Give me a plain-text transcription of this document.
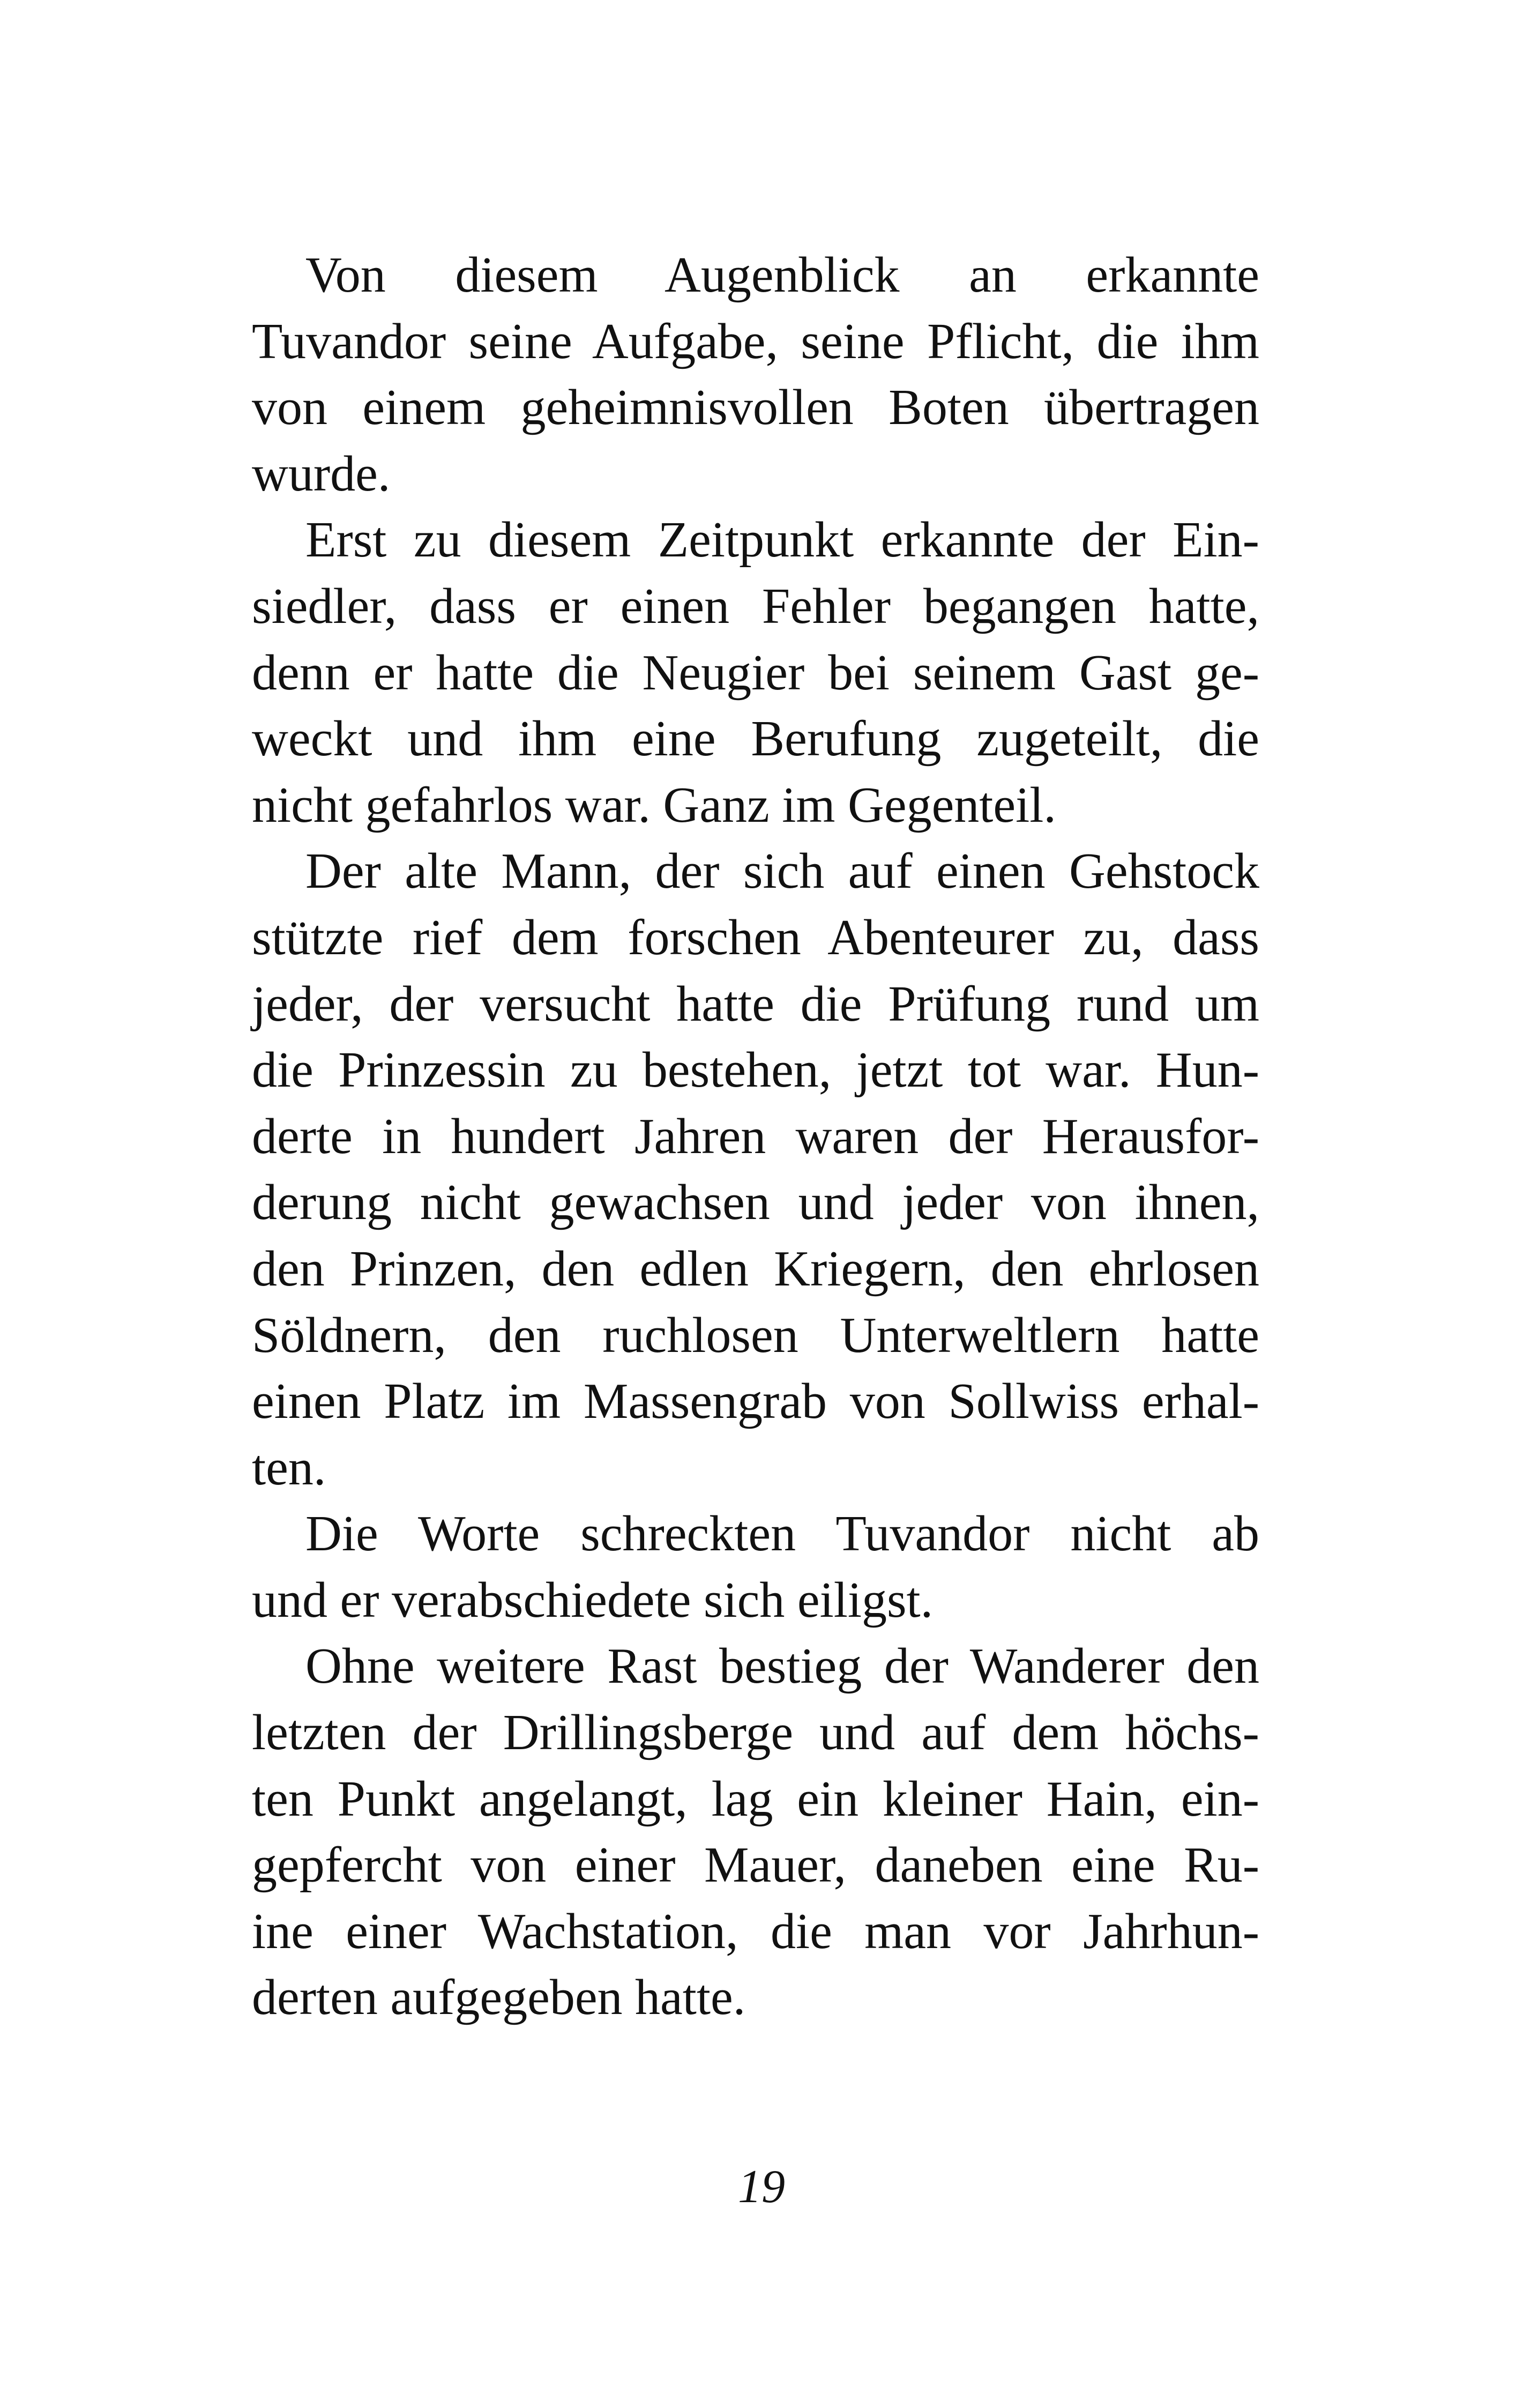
Von diesem Augenblick an erkannte

Tuvandor seine Aufgabe, seine Pflicht, die ihm

von einem geheimnisvollen Boten übertragen

wurde.

Erst zu diesem Zeitpunkt erkannte der Ein-

siedler, dass er einen Fehler begangen hatte,

denn er hatte die Neugier bei seinem Gast ge-

weckt und ihm eine Berufung zugeteilt, die

nicht gefahrlos war. Ganz im Gegenteil.

Der alte Mann, der sich auf einen Gehstock

stützte rief dem forschen Abenteurer zu, dass

jeder, der versucht hatte die Prüfung rund um

die Prinzessin zu bestehen, jetzt tot war. Hun-

derte in hundert Jahren waren der Herausfor-

derung nicht gewachsen und jeder von ihnen,

den Prinzen, den edlen Kriegern, den ehrlosen

Söldnern, den ruchlosen Unterweltlern hatte

einen Platz im Massengrab von Sollwiss erhal-

ten.

Die Worte schreckten Tuvandor nicht ab

und er verabschiedete sich eiligst.

Ohne weitere Rast bestieg der Wanderer den

letzten der Drillingsberge und auf dem höchs-

ten Punkt angelangt, lag ein kleiner Hain, ein-

gepfercht von einer Mauer, daneben eine Ru-

ine einer Wachstation, die man vor Jahrhun-

derten aufgegeben hatte.

19
